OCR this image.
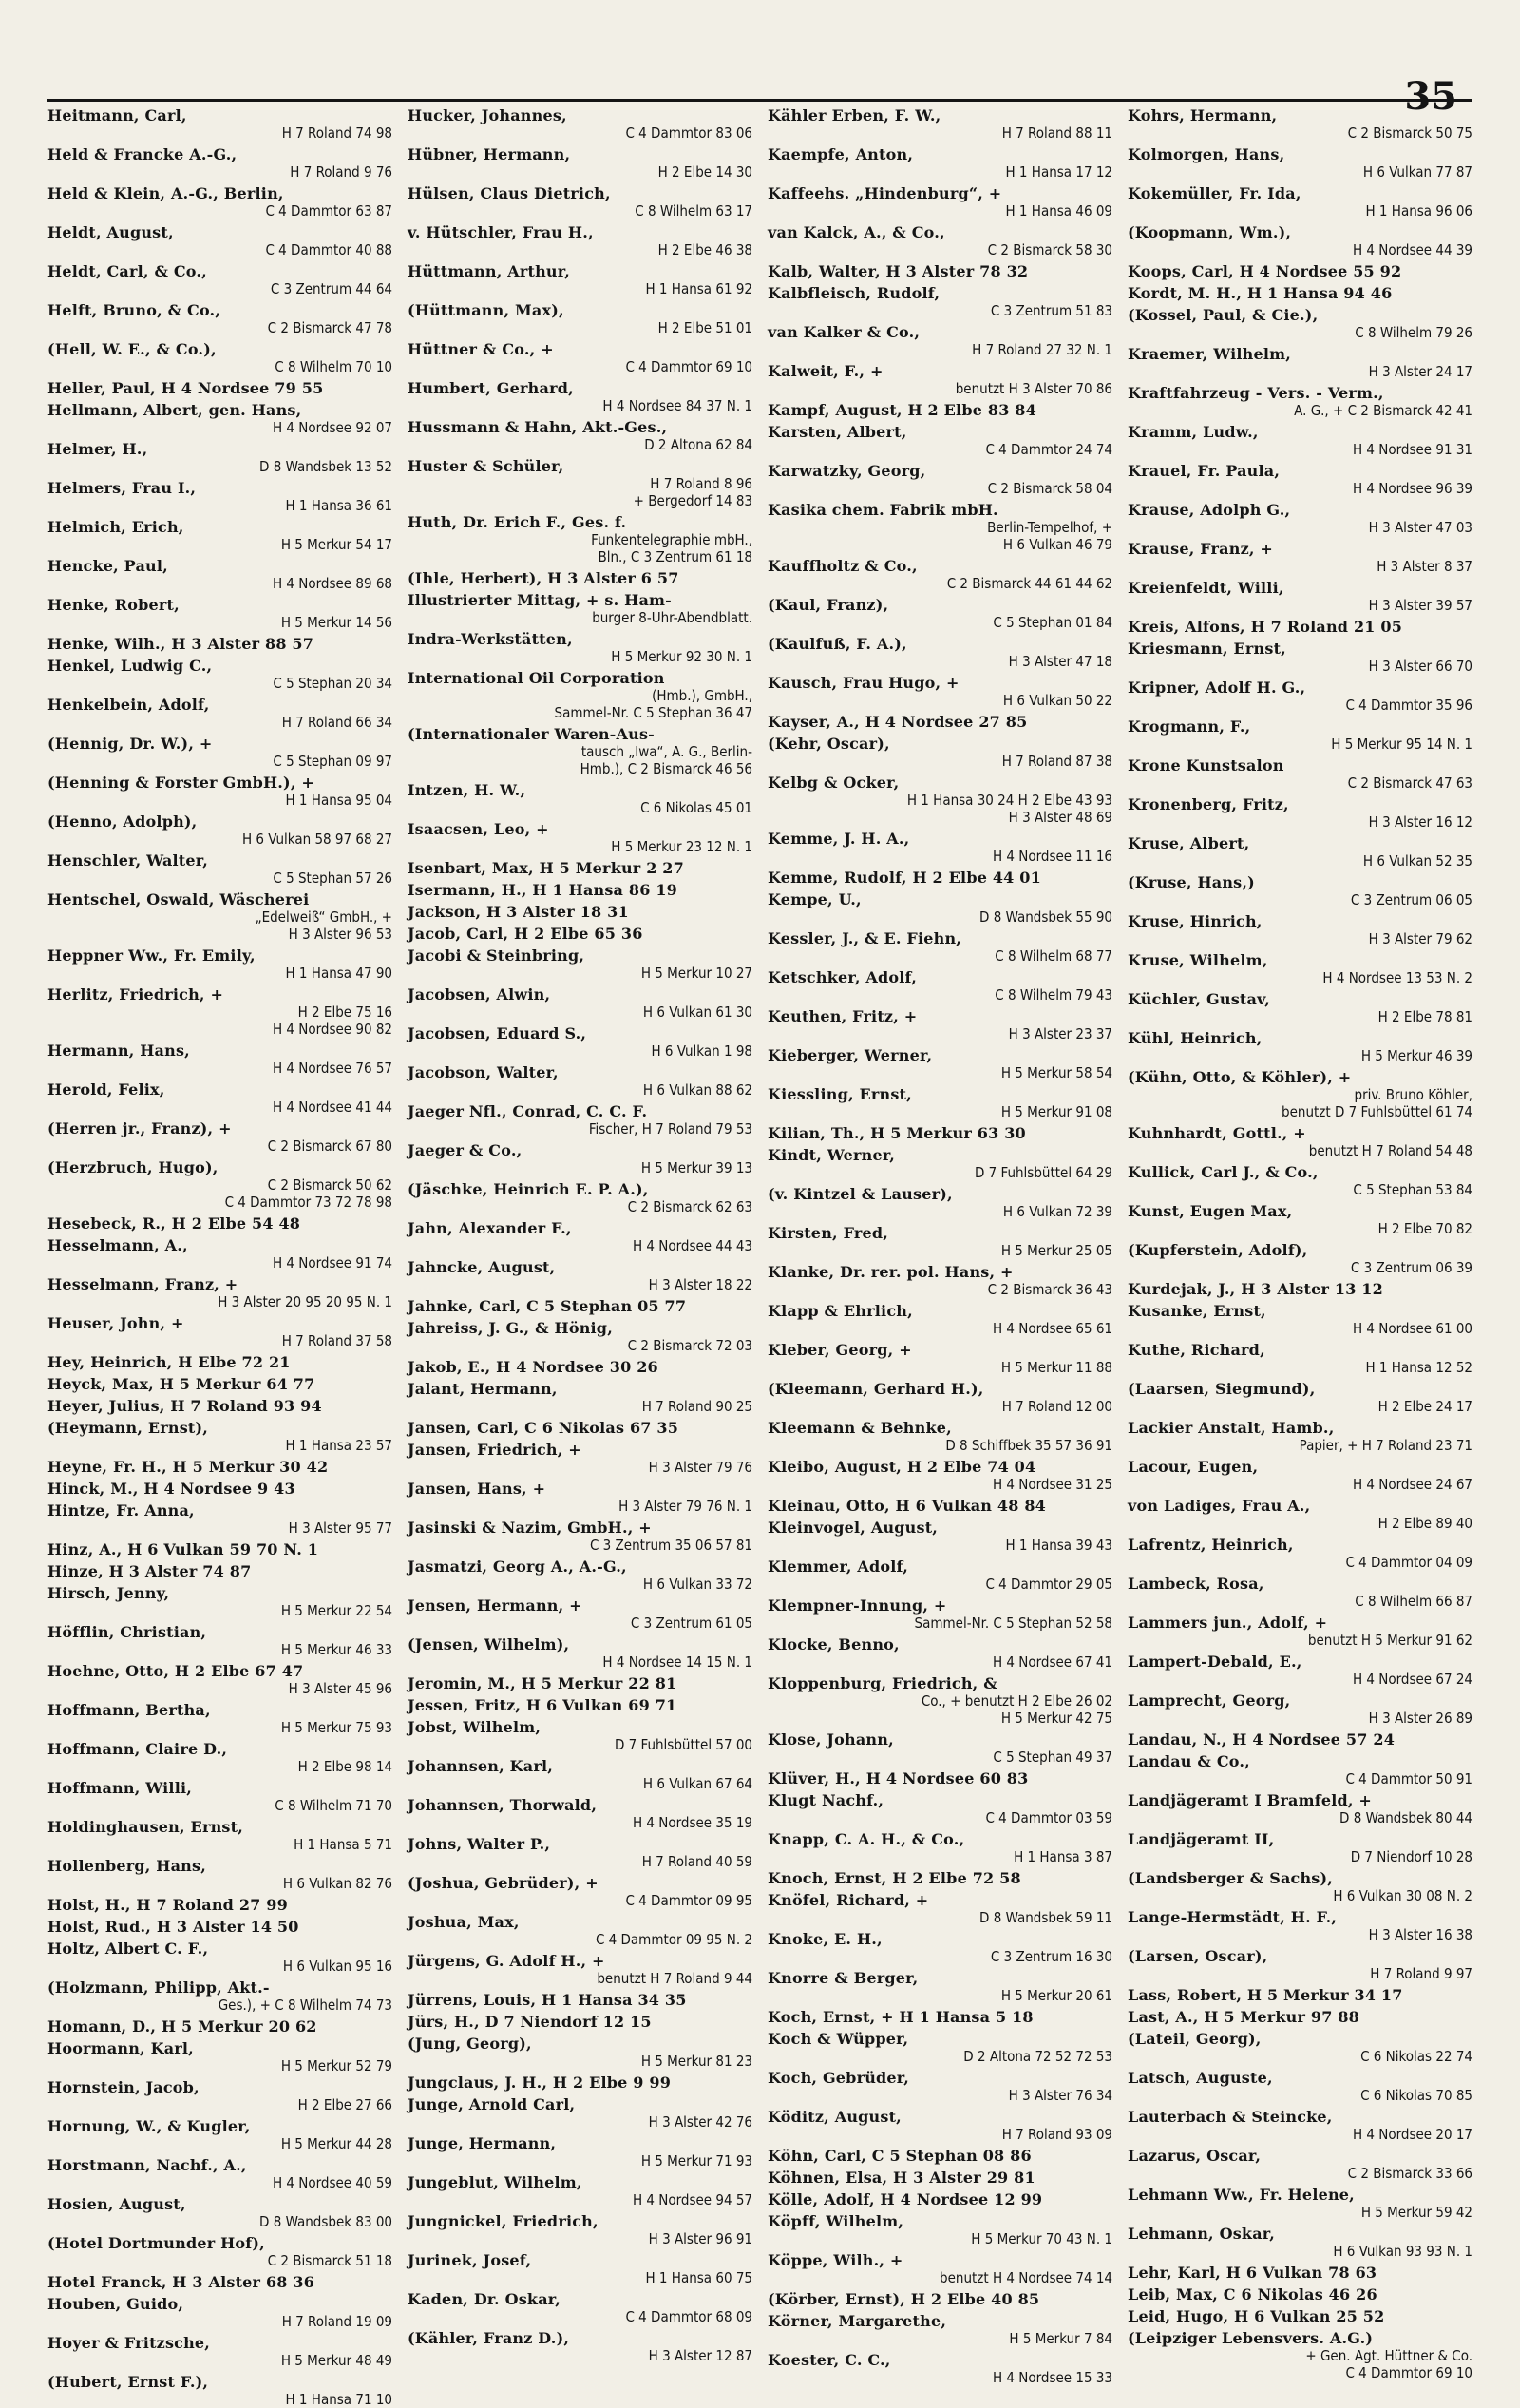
35
Heitmann, Carl,
H 7 Roland 74 98
Held & Francke A.-G.,
H 7 Roland 9 76
Held & Klein, A.-G., Berlin,
C 4 Dammtor 63 87
Heldt, August,
C 4 Dammtor 40 88
Heldt, Carl, & Co.,
C 3 Zentrum 44 64
Helft, Bruno, & Co.,
C 2 Bismarck 47 78
(Hell, W. E., & Co.),
C 8 Wilhelm 70 10
Heller, Paul, H 4 Nordsee 79 55
Hellmann, Albert, gen. Hans,
H 4 Nordsee 92 07
Helmer, H.,
D 8 Wandsbek 13 52
Helmers, Frau I.,
H 1 Hansa 36 61
Helmich, Erich,
H 5 Merkur 54 17
Hencke, Paul,
H 4 Nordsee 89 68
Henke, Robert,
H 5 Merkur 14 56
Henke, Wilh., H 3 Alster 88 57
Henkel, Ludwig C.,
C 5 Stephan 20 34
Henkelbein, Adolf,
H 7 Roland 66 34
(Hennig, Dr. W.), +
C 5 Stephan 09 97
(Henning & Forster GmbH.), +
H 1 Hansa 95 04
(Henno, Adolph),
H 6 Vulkan 58 97 68 27
Henschler, Walter,
C 5 Stephan 57 26
Hentschel, Oswald, Wäscherei
„Edelweiß“ GmbH., +
H 3 Alster 96 53
Heppner Ww., Fr. Emily,
H 1 Hansa 47 90
Herlitz, Friedrich, +
H 2 Elbe 75 16
H 4 Nordsee 90 82
Hermann, Hans,
H 4 Nordsee 76 57
Herold, Felix,
H 4 Nordsee 41 44
(Herren jr., Franz), +
C 2 Bismarck 67 80
(Herzbruch, Hugo),
C 2 Bismarck 50 62
C 4 Dammtor 73 72 78 98
Hesebeck, R., H 2 Elbe 54 48
Hesselmann, A.,
H 4 Nordsee 91 74
Hesselmann, Franz, +
H 3 Alster 20 95 20 95 N. 1
Heuser, John, +
H 7 Roland 37 58
Hey, Heinrich, H Elbe 72 21
Heyck, Max, H 5 Merkur 64 77
Heyer, Julius, H 7 Roland 93 94
(Heymann, Ernst),
H 1 Hansa 23 57
Heyne, Fr. H., H 5 Merkur 30 42
Hinck, M., H 4 Nordsee 9 43
Hintze, Fr. Anna,
H 3 Alster 95 77
Hinz, A., H 6 Vulkan 59 70 N. 1
Hinze, H 3 Alster 74 87
Hirsch, Jenny,
H 5 Merkur 22 54
Höfflin, Christian,
H 5 Merkur 46 33
Hoehne, Otto, H 2 Elbe 67 47
H 3 Alster 45 96
Hoffmann, Bertha,
H 5 Merkur 75 93
Hoffmann, Claire D.,
H 2 Elbe 98 14
Hoffmann, Willi,
C 8 Wilhelm 71 70
Holdinghausen, Ernst,
H 1 Hansa 5 71
Hollenberg, Hans,
H 6 Vulkan 82 76
Holst, H., H 7 Roland 27 99
Holst, Rud., H 3 Alster 14 50
Holtz, Albert C. F.,
H 6 Vulkan 95 16
(Holzmann, Philipp, Akt.-
Ges.), + C 8 Wilhelm 74 73
Homann, D., H 5 Merkur 20 62
Hoormann, Karl,
H 5 Merkur 52 79
Hornstein, Jacob,
H 2 Elbe 27 66
Hornung, W., & Kugler,
H 5 Merkur 44 28
Horstmann, Nachf., A.,
H 4 Nordsee 40 59
Hosien, August,
D 8 Wandsbek 83 00
(Hotel Dortmunder Hof),
C 2 Bismarck 51 18
Hotel Franck, H 3 Alster 68 36
Houben, Guido,
H 7 Roland 19 09
Hoyer & Fritzsche,
H 5 Merkur 48 49
(Hubert, Ernst F.),
H 1 Hansa 71 10
Hucker, Johannes,
C 4 Dammtor 83 06
Hübner, Hermann,
H 2 Elbe 14 30
Hülsen, Claus Dietrich,
C 8 Wilhelm 63 17
v. Hütschler, Frau H.,
H 2 Elbe 46 38
Hüttmann, Arthur,
H 1 Hansa 61 92
(Hüttmann, Max),
H 2 Elbe 51 01
Hüttner & Co., +
C 4 Dammtor 69 10
Humbert, Gerhard,
H 4 Nordsee 84 37 N. 1
Hussmann & Hahn, Akt.-Ges.,
D 2 Altona 62 84
Huster & Schüler,
H 7 Roland 8 96
+ Bergedorf 14 83
Huth, Dr. Erich F., Ges. f.
Funkentelegraphie mbH.,
Bln., C 3 Zentrum 61 18
(Ihle, Herbert), H 3 Alster 6 57
Illustrierter Mittag, + s. Ham-
burger 8-Uhr-Abendblatt.
Indra-Werkstätten,
H 5 Merkur 92 30 N. 1
International Oil Corporation
(Hmb.), GmbH.,
Sammel-Nr. C 5 Stephan 36 47
(Internationaler Waren-Aus-
tausch „Iwa“, A. G., Berlin-
Hmb.), C 2 Bismarck 46 56
Intzen, H. W.,
C 6 Nikolas 45 01
Isaacsen, Leo, +
H 5 Merkur 23 12 N. 1
Isenbart, Max, H 5 Merkur 2 27
Isermann, H., H 1 Hansa 86 19
Jackson, H 3 Alster 18 31
Jacob, Carl, H 2 Elbe 65 36
Jacobi & Steinbring,
H 5 Merkur 10 27
Jacobsen, Alwin,
H 6 Vulkan 61 30
Jacobsen, Eduard S.,
H 6 Vulkan 1 98
Jacobson, Walter,
H 6 Vulkan 88 62
Jaeger Nfl., Conrad, C. C. F.
Fischer, H 7 Roland 79 53
Jaeger & Co.,
H 5 Merkur 39 13
(Jäschke, Heinrich E. P. A.),
C 2 Bismarck 62 63
Jahn, Alexander F.,
H 4 Nordsee 44 43
Jahncke, August,
H 3 Alster 18 22
Jahnke, Carl, C 5 Stephan 05 77
Jahreiss, J. G., & Hönig,
C 2 Bismarck 72 03
Jakob, E., H 4 Nordsee 30 26
Jalant, Hermann,
H 7 Roland 90 25
Jansen, Carl, C 6 Nikolas 67 35
Jansen, Friedrich, +
H 3 Alster 79 76
Jansen, Hans, +
H 3 Alster 79 76 N. 1
Jasinski & Nazim, GmbH., +
C 3 Zentrum 35 06 57 81
Jasmatzi, Georg A., A.-G.,
H 6 Vulkan 33 72
Jensen, Hermann, +
C 3 Zentrum 61 05
(Jensen, Wilhelm),
H 4 Nordsee 14 15 N. 1
Jeromin, M., H 5 Merkur 22 81
Jessen, Fritz, H 6 Vulkan 69 71
Jobst, Wilhelm,
D 7 Fuhlsbüttel 57 00
Johannsen, Karl,
H 6 Vulkan 67 64
Johannsen, Thorwald,
H 4 Nordsee 35 19
Johns, Walter P.,
H 7 Roland 40 59
(Joshua, Gebrüder), +
C 4 Dammtor 09 95
Joshua, Max,
C 4 Dammtor 09 95 N. 2
Jürgens, G. Adolf H., +
benutzt H 7 Roland 9 44
Jürrens, Louis, H 1 Hansa 34 35
Jürs, H., D 7 Niendorf 12 15
(Jung, Georg),
H 5 Merkur 81 23
Jungclaus, J. H., H 2 Elbe 9 99
Junge, Arnold Carl,
H 3 Alster 42 76
Junge, Hermann,
H 5 Merkur 71 93
Jungeblut, Wilhelm,
H 4 Nordsee 94 57
Jungnickel, Friedrich,
H 3 Alster 96 91
Jurinek, Josef,
H 1 Hansa 60 75
Kaden, Dr. Oskar,
C 4 Dammtor 68 09
(Kähler, Franz D.),
H 3 Alster 12 87
Kähler Erben, F. W.,
H 7 Roland 88 11
Kaempfe, Anton,
H 1 Hansa 17 12
Kaffeehs. „Hindenburg“, +
H 1 Hansa 46 09
van Kalck, A., & Co.,
C 2 Bismarck 58 30
Kalb, Walter, H 3 Alster 78 32
Kalbfleisch, Rudolf,
C 3 Zentrum 51 83
van Kalker & Co.,
H 7 Roland 27 32 N. 1
Kalweit, F., +
benutzt H 3 Alster 70 86
Kampf, August, H 2 Elbe 83 84
Karsten, Albert,
C 4 Dammtor 24 74
Karwatzky, Georg,
C 2 Bismarck 58 04
Kasika chem. Fabrik mbH.
Berlin-Tempelhof, +
H 6 Vulkan 46 79
Kauffholtz & Co.,
C 2 Bismarck 44 61 44 62
(Kaul, Franz),
C 5 Stephan 01 84
(Kaulfuß, F. A.),
H 3 Alster 47 18
Kausch, Frau Hugo, +
H 6 Vulkan 50 22
Kayser, A., H 4 Nordsee 27 85
(Kehr, Oscar),
H 7 Roland 87 38
Kelbg & Ocker,
H 1 Hansa 30 24 H 2 Elbe 43 93
H 3 Alster 48 69
Kemme, J. H. A.,
H 4 Nordsee 11 16
Kemme, Rudolf, H 2 Elbe 44 01
Kempe, U.,
D 8 Wandsbek 55 90
Kessler, J., & E. Fiehn,
C 8 Wilhelm 68 77
Ketschker, Adolf,
C 8 Wilhelm 79 43
Keuthen, Fritz, +
H 3 Alster 23 37
Kieberger, Werner,
H 5 Merkur 58 54
Kiessling, Ernst,
H 5 Merkur 91 08
Kilian, Th., H 5 Merkur 63 30
Kindt, Werner,
D 7 Fuhlsbüttel 64 29
(v. Kintzel & Lauser),
H 6 Vulkan 72 39
Kirsten, Fred,
H 5 Merkur 25 05
Klanke, Dr. rer. pol. Hans, +
C 2 Bismarck 36 43
Klapp & Ehrlich,
H 4 Nordsee 65 61
Kleber, Georg, +
H 5 Merkur 11 88
(Kleemann, Gerhard H.),
H 7 Roland 12 00
Kleemann & Behnke,
D 8 Schiffbek 35 57 36 91
Kleibo, August, H 2 Elbe 74 04
H 4 Nordsee 31 25
Kleinau, Otto, H 6 Vulkan 48 84
Kleinvogel, August,
H 1 Hansa 39 43
Klemmer, Adolf,
C 4 Dammtor 29 05
Klempner-Innung, +
Sammel-Nr. C 5 Stephan 52 58
Klocke, Benno,
H 4 Nordsee 67 41
Kloppenburg, Friedrich, &
Co., + benutzt H 2 Elbe 26 02
H 5 Merkur 42 75
Klose, Johann,
C 5 Stephan 49 37
Klüver, H., H 4 Nordsee 60 83
Klugt Nachf.,
C 4 Dammtor 03 59
Knapp, C. A. H., & Co.,
H 1 Hansa 3 87
Knoch, Ernst, H 2 Elbe 72 58
Knöfel, Richard, +
D 8 Wandsbek 59 11
Knoke, E. H.,
C 3 Zentrum 16 30
Knorre & Berger,
H 5 Merkur 20 61
Koch, Ernst, + H 1 Hansa 5 18
Koch & Wüpper,
D 2 Altona 72 52 72 53
Koch, Gebrüder,
H 3 Alster 76 34
Köditz, August,
H 7 Roland 93 09
Köhn, Carl, C 5 Stephan 08 86
Köhnen, Elsa, H 3 Alster 29 81
Kölle, Adolf, H 4 Nordsee 12 99
Köpff, Wilhelm,
H 5 Merkur 70 43 N. 1
Köppe, Wilh., +
benutzt H 4 Nordsee 74 14
(Körber, Ernst), H 2 Elbe 40 85
Körner, Margarethe,
H 5 Merkur 7 84
Koester, C. C.,
H 4 Nordsee 15 33
Kohrs, Hermann,
C 2 Bismarck 50 75
Kolmorgen, Hans,
H 6 Vulkan 77 87
Kokemüller, Fr. Ida,
H 1 Hansa 96 06
(Koopmann, Wm.),
H 4 Nordsee 44 39
Koops, Carl, H 4 Nordsee 55 92
Kordt, M. H., H 1 Hansa 94 46
(Kossel, Paul, & Cie.),
C 8 Wilhelm 79 26
Kraemer, Wilhelm,
H 3 Alster 24 17
Kraftfahrzeug - Vers. - Verm.,
A. G., + C 2 Bismarck 42 41
Kramm, Ludw.,
H 4 Nordsee 91 31
Krauel, Fr. Paula,
H 4 Nordsee 96 39
Krause, Adolph G.,
H 3 Alster 47 03
Krause, Franz, +
H 3 Alster 8 37
Kreienfeldt, Willi,
H 3 Alster 39 57
Kreis, Alfons, H 7 Roland 21 05
Kriesmann, Ernst,
H 3 Alster 66 70
Kripner, Adolf H. G.,
C 4 Dammtor 35 96
Krogmann, F.,
H 5 Merkur 95 14 N. 1
Krone Kunstsalon
C 2 Bismarck 47 63
Kronenberg, Fritz,
H 3 Alster 16 12
Kruse, Albert,
H 6 Vulkan 52 35
(Kruse, Hans,)
C 3 Zentrum 06 05
Kruse, Hinrich,
H 3 Alster 79 62
Kruse, Wilhelm,
H 4 Nordsee 13 53 N. 2
Küchler, Gustav,
H 2 Elbe 78 81
Kühl, Heinrich,
H 5 Merkur 46 39
(Kühn, Otto, & Köhler), +
priv. Bruno Köhler,
benutzt D 7 Fuhlsbüttel 61 74
Kuhnhardt, Gottl., +
benutzt H 7 Roland 54 48
Kullick, Carl J., & Co.,
C 5 Stephan 53 84
Kunst, Eugen Max,
H 2 Elbe 70 82
(Kupferstein, Adolf),
C 3 Zentrum 06 39
Kurdejak, J., H 3 Alster 13 12
Kusanke, Ernst,
H 4 Nordsee 61 00
Kuthe, Richard,
H 1 Hansa 12 52
(Laarsen, Siegmund),
H 2 Elbe 24 17
Lackier Anstalt, Hamb.,
Papier, + H 7 Roland 23 71
Lacour, Eugen,
H 4 Nordsee 24 67
von Ladiges, Frau A.,
H 2 Elbe 89 40
Lafrentz, Heinrich,
C 4 Dammtor 04 09
Lambeck, Rosa,
C 8 Wilhelm 66 87
Lammers jun., Adolf, +
benutzt H 5 Merkur 91 62
Lampert-Debald, E.,
H 4 Nordsee 67 24
Lamprecht, Georg,
H 3 Alster 26 89
Landau, N., H 4 Nordsee 57 24
Landau & Co.,
C 4 Dammtor 50 91
Landjägeramt I Bramfeld, +
D 8 Wandsbek 80 44
Landjägeramt II,
D 7 Niendorf 10 28
(Landsberger & Sachs),
H 6 Vulkan 30 08 N. 2
Lange-Hermstädt, H. F.,
H 3 Alster 16 38
(Larsen, Oscar),
H 7 Roland 9 97
Lass, Robert, H 5 Merkur 34 17
Last, A., H 5 Merkur 97 88
(Lateil, Georg),
C 6 Nikolas 22 74
Latsch, Auguste,
C 6 Nikolas 70 85
Lauterbach & Steincke,
H 4 Nordsee 20 17
Lazarus, Oscar,
C 2 Bismarck 33 66
Lehmann Ww., Fr. Helene,
H 5 Merkur 59 42
Lehmann, Oskar,
H 6 Vulkan 93 93 N. 1
Lehr, Karl, H 6 Vulkan 78 63
Leib, Max, C 6 Nikolas 46 26
Leid, Hugo, H 6 Vulkan 25 52
(Leipziger Lebensvers. A.G.)
+ Gen. Agt. Hüttner & Co.
C 4 Dammtor 69 10
